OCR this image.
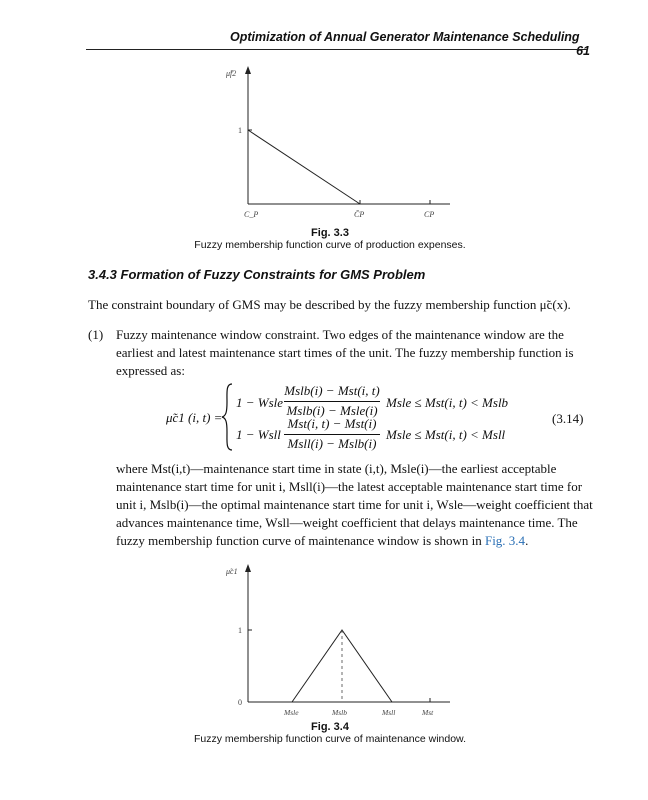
Optimization of Annual Generator Maintenance Scheduling    61
μ̃f2
1
C_P	C̄P	CP
Fig. 3.3
Fuzzy membership function curve of production expenses.
3.4.3 Formation of Fuzzy Constraints for GMS Problem
The constraint boundary of GMS may be described by the fuzzy membership function μ̃c(x).
(1) Fuzzy maintenance window constraint. Two edges of the maintenance window are the
earliest and latest maintenance start times of the unit. The fuzzy membership function is
expressed as:
μ̃c1 (i, t) =
1 − Wsle
Mslb(i) − Mst(i, t)
Mslb(i) − Msle(i)
Msle ≤ Mst(i, t) < Mslb
1 − Wsll
Mst(i, t) − Mst(i)
Msll(i) − Mslb(i)
Msle ≤ Mst(i, t) < Msll
(3.14)
where Mst(i,t)—maintenance start time in state (i,t), Msle(i)—the earliest acceptable
maintenance start time for unit i, Msll(i)—the latest acceptable maintenance start time for
unit i, Mslb(i)—the optimal maintenance start time for unit i, Wsle—weight coefficient that
advances maintenance time, Wsll—weight coefficient that delays maintenance time. The
fuzzy membership function curve of maintenance window is shown in Fig. 3.4.
μ̃c1
1
0
Msle	Mslb	Msll	Mst
Fig. 3.4
Fuzzy membership function curve of maintenance window.
